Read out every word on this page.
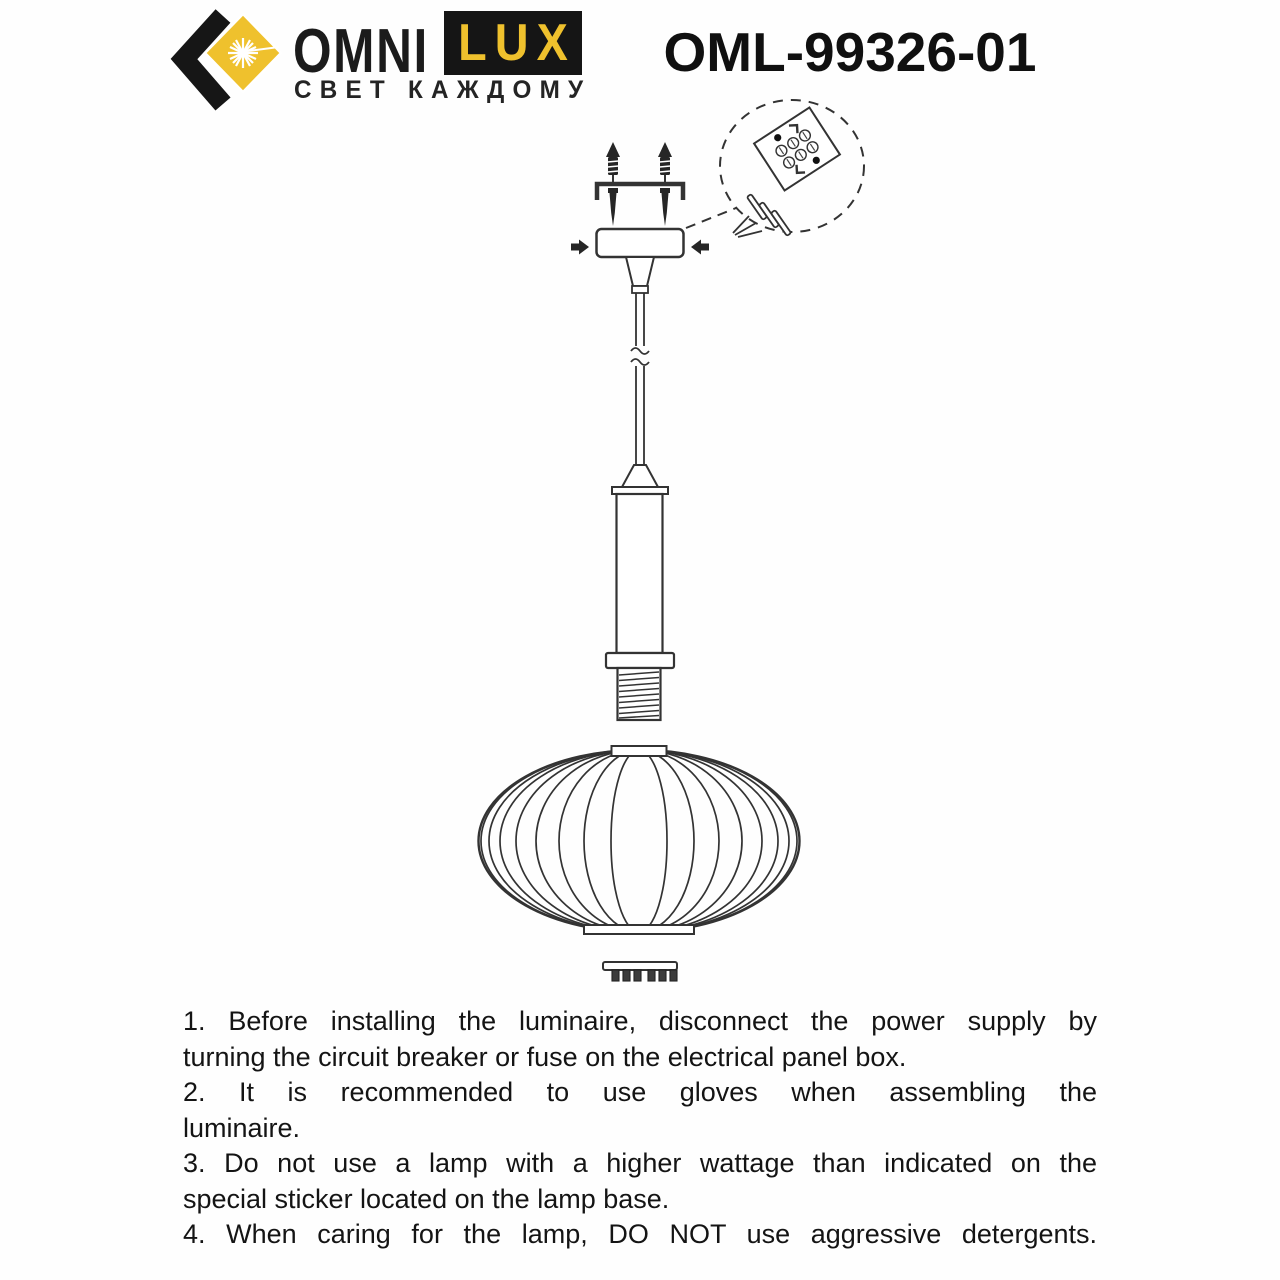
OMNI LUX
СВЕТ КАЖДОМУ
OML-99326-01
1. Before installing the luminaire, disconnect the power supply by
turning the circuit breaker or fuse on the electrical panel box.
2. It is recommended to use gloves when assembling the
luminaire.
3. Do not use a lamp with a higher wattage than indicated on the
special sticker located on the lamp base.
4. When caring for the lamp, DO NOT use aggressive detergents.
